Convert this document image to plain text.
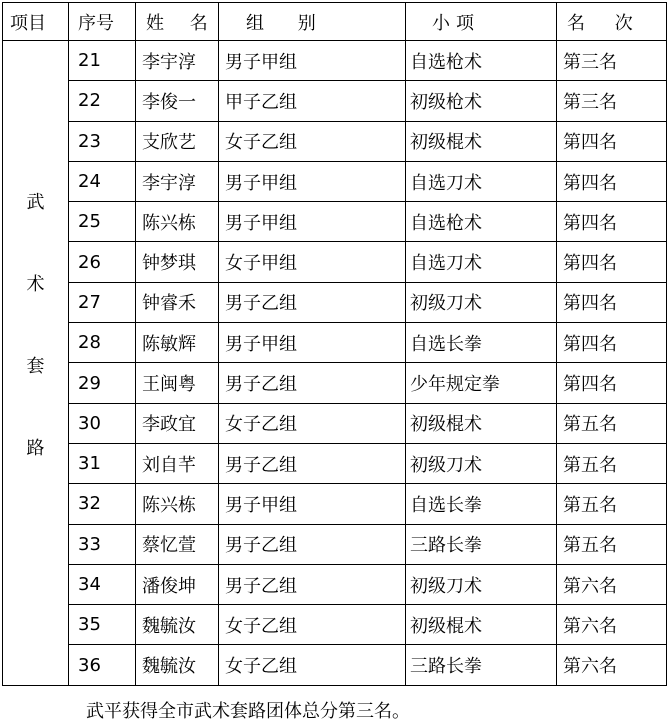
项目	序号	姓 名	组 别	小项	名 次

武
术
套
路	21	李宇淳	男子甲组	自选枪术	第三名
	22	李俊一	甲子乙组	初级枪术	第三名
	23	支欣艺	女子乙组	初级棍术	第四名
	24	李宇淳	男子甲组	自选刀术	第四名
	25	陈兴栋	男子甲组	自选枪术	第四名
	26	钟梦琪	女子甲组	自选刀术	第四名
	27	钟睿禾	男子乙组	初级刀术	第四名
	28	陈敏辉	男子甲组	自选长拳	第四名
	29	王闽粤	男子乙组	少年规定拳	第四名
	30	李政宜	女子乙组	初级棍术	第五名
	31	刘自芊	男子乙组	初级刀术	第五名
	32	陈兴栋	男子甲组	自选长拳	第五名
	33	蔡忆萱	男子乙组	三路长拳	第五名
	34	潘俊坤	男子乙组	初级刀术	第六名
	35	魏毓汝	女子乙组	初级棍术	第六名
	36	魏毓汝	女子乙组	三路长拳	第六名
武平获得全市武术套路团体总分第三名。
